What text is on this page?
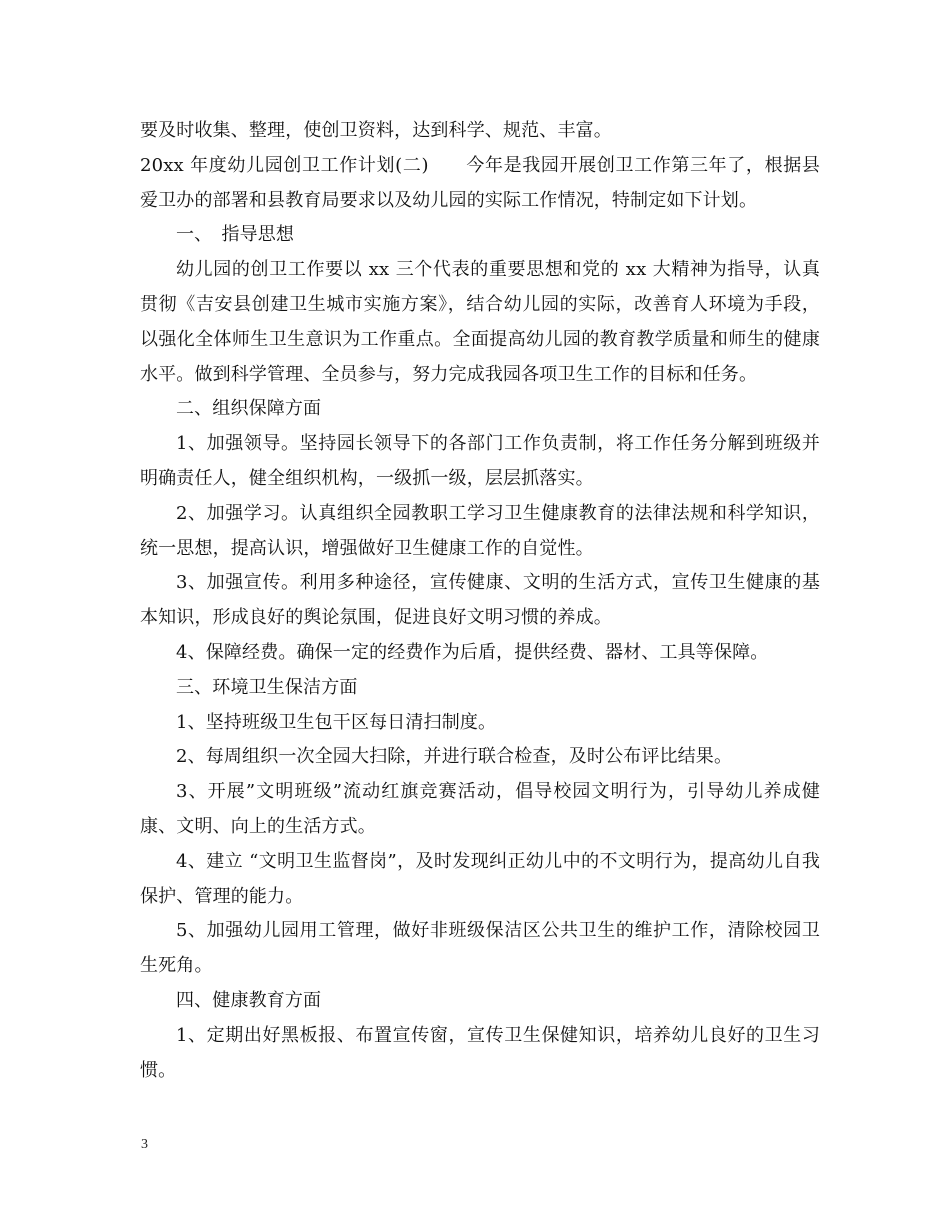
要及时收集、整理，使创卫资料，达到科学、规范、丰富。

20xx 年度幼儿园创卫工作计划(二)　　今年是我园开展创卫工作第三年了，根据县爱卫办的部署和县教育局要求以及幼儿园的实际工作情况，特制定如下计划。

一、　指导思想

幼儿园的创卫工作要以 xx 三个代表的重要思想和党的 xx 大精神为指导，认真贯彻《吉安县创建卫生城市实施方案》，结合幼儿园的实际，改善育人环境为手段，以强化全体师生卫生意识为工作重点。全面提高幼儿园的教育教学质量和师生的健康水平。做到科学管理、全员参与，努力完成我园各项卫生工作的目标和任务。

二、组织保障方面

1、加强领导。坚持园长领导下的各部门工作负责制，将工作任务分解到班级并明确责任人，健全组织机构，一级抓一级，层层抓落实。

2、加强学习。认真组织全园教职工学习卫生健康教育的法律法规和科学知识，统一思想，提高认识，增强做好卫生健康工作的自觉性。

3、加强宣传。利用多种途径，宣传健康、文明的生活方式，宣传卫生健康的基本知识，形成良好的舆论氛围，促进良好文明习惯的养成。

4、保障经费。确保一定的经费作为后盾，提供经费、器材、工具等保障。

三、环境卫生保洁方面

1、坚持班级卫生包干区每日清扫制度。

2、每周组织一次全园大扫除，并进行联合检查，及时公布评比结果。

3、开展”文明班级”流动红旗竞赛活动，倡导校园文明行为，引导幼儿养成健康、文明、向上的生活方式。

4、建立 “文明卫生监督岗”，及时发现纠正幼儿中的不文明行为，提高幼儿自我保护、管理的能力。

5、加强幼儿园用工管理，做好非班级保洁区公共卫生的维护工作，清除校园卫生死角。

四、健康教育方面

1、定期出好黑板报、布置宣传窗，宣传卫生保健知识，培养幼儿良好的卫生习惯。

3
